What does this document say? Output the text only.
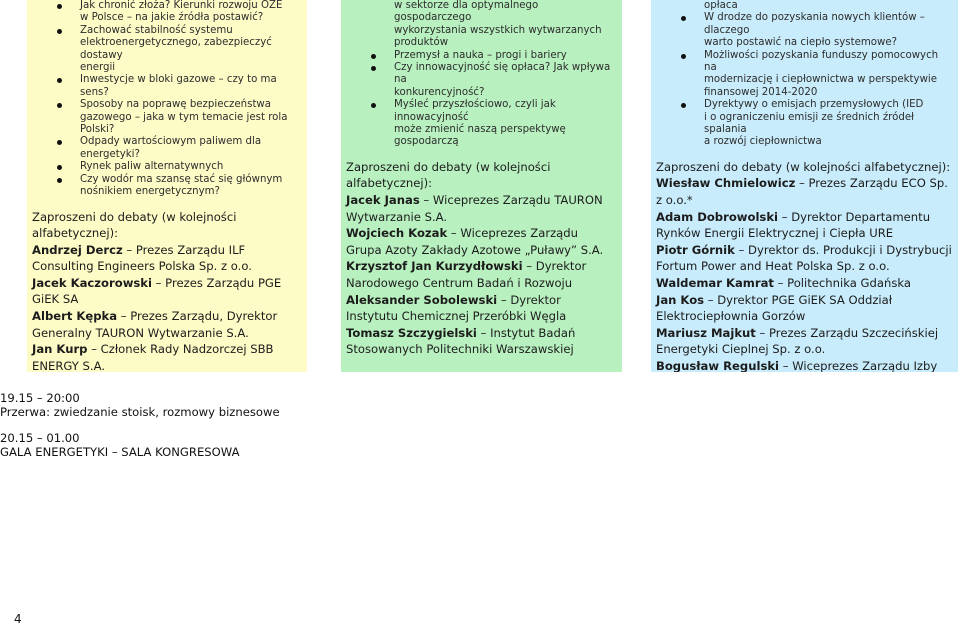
Jak chronić złoża? Kierunki rozwoju OZE
w Polsce – na jakie źródła postawić?
Zachować stabilność systemu
elektroenergetycznego, zabezpieczyć dostawy
energii
Inwestycje w bloki gazowe – czy to ma sens?
Sposoby na poprawę bezpieczeństwa
gazowego – jaka w tym temacie jest rola Polski?
Odpady wartościowym paliwem dla
energetyki?
Rynek paliw alternatywnych
Czy wodór ma szansę stać się głównym
nośnikiem energetycznym?
Zaproszeni do debaty (w kolejności alfabetycznej):
Andrzej Dercz – Prezes Zarządu ILF Consulting Engineers Polska Sp. z o.o.
Jacek Kaczorowski – Prezes Zarządu PGE GiEK SA
Albert Kępka – Prezes Zarządu, Dyrektor Generalny TAURON Wytwarzanie S.A.
Jan Kurp – Członek Rady Nadzorczej SBB ENERGY S.A.
w sektorze dla optymalnego gospodarczego
wykorzystania wszystkich wytwarzanych
produktów
Przemysł a nauka – progi i bariery
Czy innowacyjność się opłaca? Jak wpływa na
konkurencyjność?
Myśleć przyszłościowo, czyli jak innowacyjność
może zmienić naszą perspektywę gospodarczą
Zaproszeni do debaty (w kolejności alfabetycznej):
Jacek Janas – Wiceprezes Zarządu TAURON Wytwarzanie S.A.
Wojciech Kozak – Wiceprezes Zarządu Grupa Azoty Zakłady Azotowe „Puławy” S.A.
Krzysztof Jan Kurzydłowski – Dyrektor Narodowego Centrum Badań i Rozwoju
Aleksander Sobolewski – Dyrektor Instytutu Chemicznej Przeróbki Węgla
Tomasz Szczygielski – Instytut Badań Stosowanych Politechniki Warszawskiej
opłaca
W drodze do pozyskania nowych klientów – dlaczego
warto postawić na ciepło systemowe?
Możliwości pozyskania funduszy pomocowych na
modernizację i ciepłownictwa w perspektywie
finansowej 2014-2020
Dyrektywy o emisjach przemysłowych (IED
i o ograniczeniu emisji ze średnich źródeł spalania
a rozwój ciepłownictwa
Zaproszeni do debaty (w kolejności alfabetycznej):
Wiesław Chmielowicz – Prezes Zarządu ECO Sp. z o.o.*
Adam Dobrowolski – Dyrektor Departamentu Rynków Energii Elektrycznej i Ciepła URE
Piotr Górnik – Dyrektor ds. Produkcji i Dystrybucji Fortum Power and Heat Polska Sp. z o.o.
Waldemar Kamrat – Politechnika Gdańska
Jan Kos – Dyrektor PGE GiEK SA Oddział Elektrociepłownia Gorzów
Mariusz Majkut – Prezes Zarządu Szczecińskiej Energetyki Cieplnej Sp. z o.o.
Bogusław Regulski – Wiceprezes Zarządu Izby
19.15 – 20:00
Przerwa: zwiedzanie stoisk, rozmowy biznesowe
20.15 – 01.00
GALA ENERGETYKI – SALA KONGRESOWA
4
